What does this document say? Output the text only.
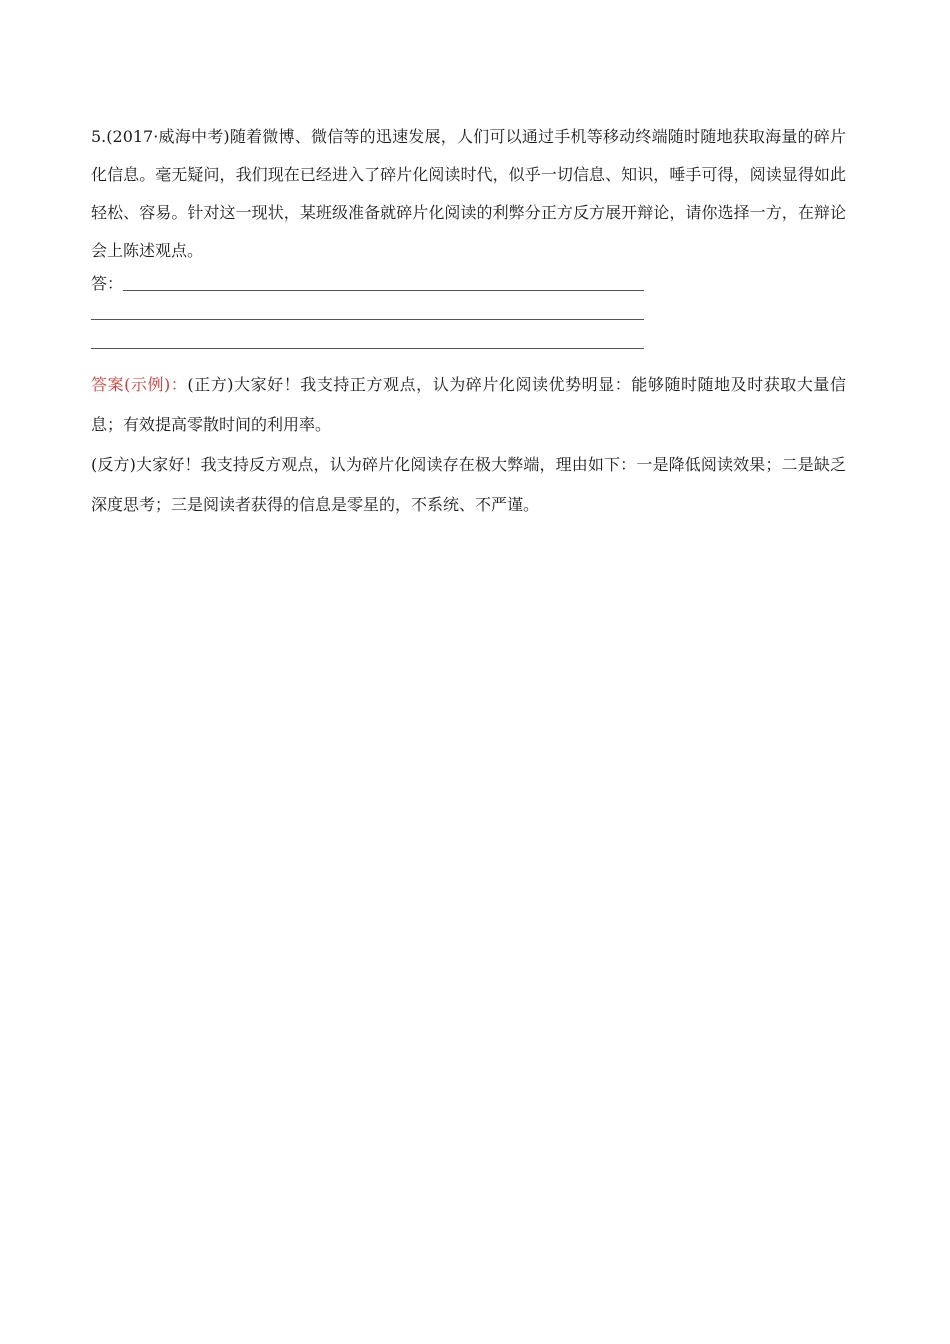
5.(2017·威海中考)随着微博、微信等的迅速发展，人们可以通过手机等移动终端随时随地获取海量的碎片化信息。毫无疑问，我们现在已经进入了碎片化阅读时代，似乎一切信息、知识，唾手可得，阅读显得如此轻松、容易。针对这一现状，某班级准备就碎片化阅读的利弊分正方反方展开辩论，请你选择一方，在辩论会上陈述观点。

答：

答案(示例)：(正方)大家好！我支持正方观点，认为碎片化阅读优势明显：能够随时随地及时获取大量信息；有效提高零散时间的利用率。

(反方)大家好！我支持反方观点，认为碎片化阅读存在极大弊端，理由如下：一是降低阅读效果；二是缺乏深度思考；三是阅读者获得的信息是零星的，不系统、不严谨。
